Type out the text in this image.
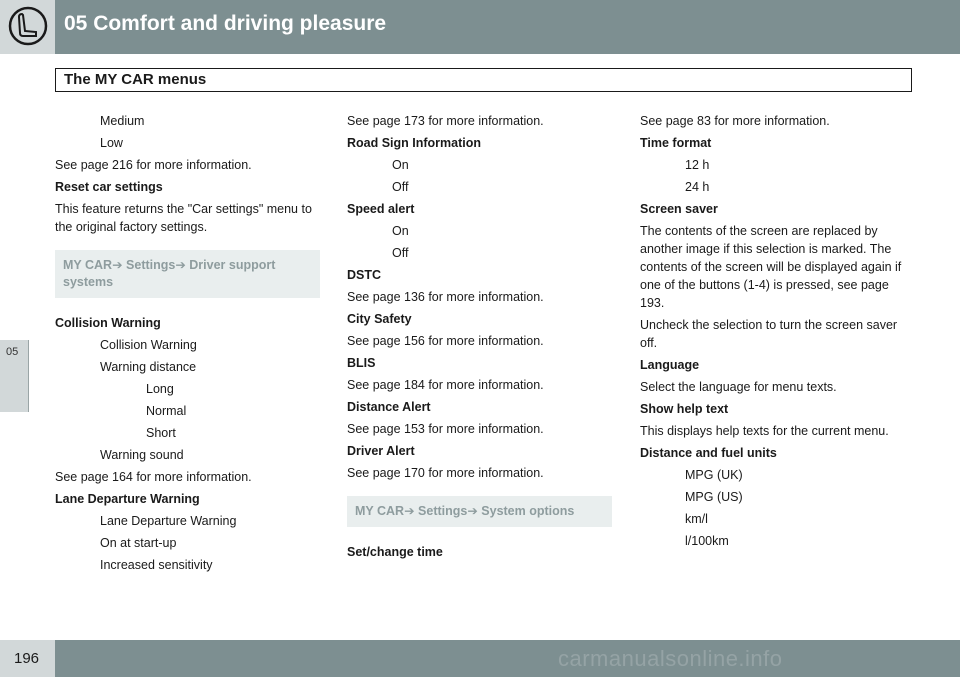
05 Comfort and driving pleasure
The MY CAR menus
05
Medium
Low
See page 216 for more information.
Reset car settings
This feature returns the "Car settings" menu to the original factory settings.
MY CAR➔ Settings➔ Driver support systems
Collision Warning
Collision Warning
Warning distance
Long
Normal
Short
Warning sound
See page 164 for more information.
Lane Departure Warning
Lane Departure Warning
On at start-up
Increased sensitivity
See page 173 for more information.
Road Sign Information
On
Off
Speed alert
On
Off
DSTC
See page 136 for more information.
City Safety
See page 156 for more information.
BLIS
See page 184 for more information.
Distance Alert
See page 153 for more information.
Driver Alert
See page 170 for more information.
MY CAR➔ Settings➔ System options
Set/change time
See page 83 for more information.
Time format
12 h
24 h
Screen saver
The contents of the screen are replaced by another image if this selection is marked. The contents of the screen will be displayed again if one of the buttons (1-4) is pressed, see page 193.
Uncheck the selection to turn the screen saver off.
Language
Select the language for menu texts.
Show help text
This displays help texts for the current menu.
Distance and fuel units
MPG (UK)
MPG (US)
km/l
l/100km
196	carmanualsonline.info
